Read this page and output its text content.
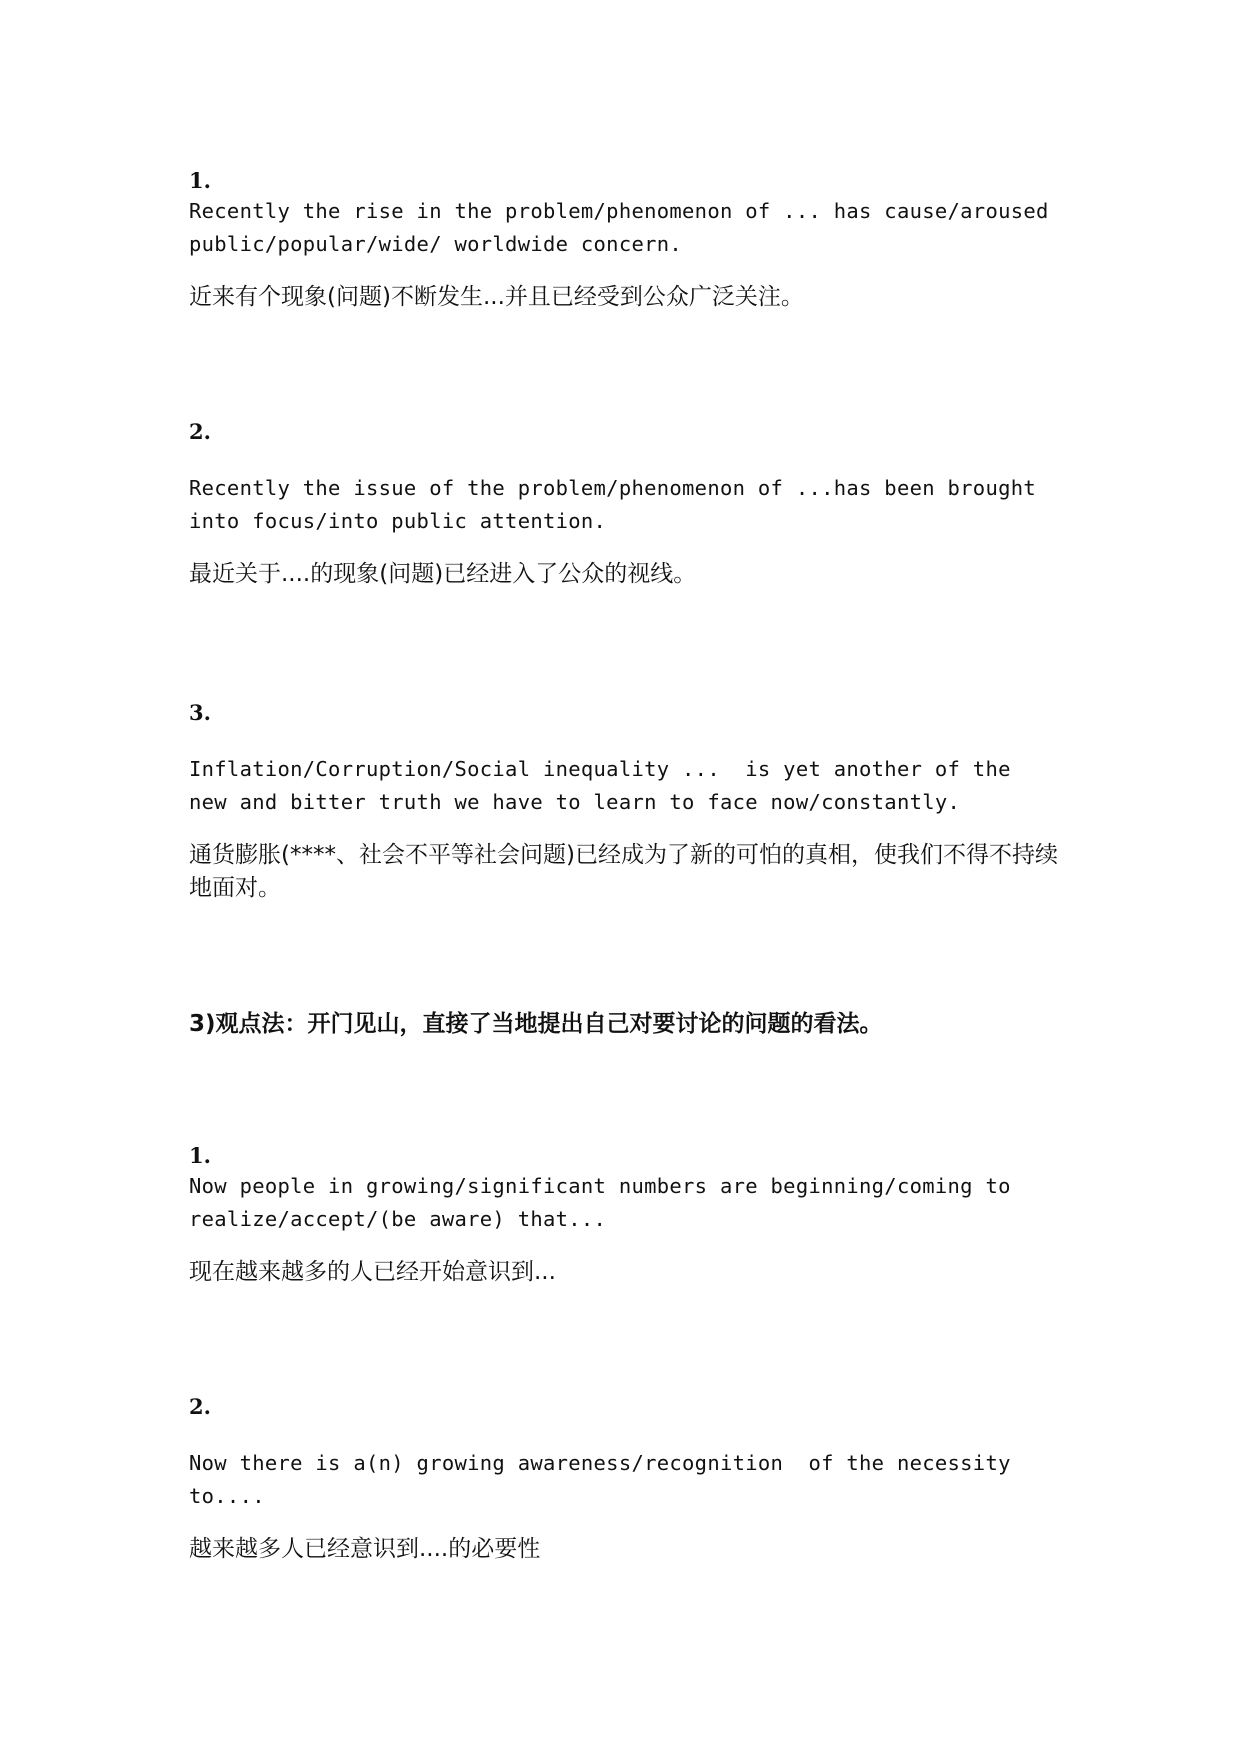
1.

Recently the rise in the problem/phenomenon of ... has cause/aroused public/popular/wide/ worldwide concern.

近来有个现象(问题)不断发生...并且已经受到公众广泛关注。

2.

Recently the issue of the problem/phenomenon of ...has been brought into focus/into public attention.

最近关于....的现象(问题)已经进入了公众的视线。

3.

Inflation/Corruption/Social inequality ...  is yet another of the new and bitter truth we have to learn to face now/constantly.

通货膨胀(****、社会不平等社会问题)已经成为了新的可怕的真相，使我们不得不持续地面对。

3)观点法：开门见山，直接了当地提出自己对要讨论的问题的看法。

1.

Now people in growing/significant numbers are beginning/coming to realize/accept/(be aware) that...

现在越来越多的人已经开始意识到...

2.

Now there is a(n) growing awareness/recognition  of the necessity to....

越来越多人已经意识到....的必要性
